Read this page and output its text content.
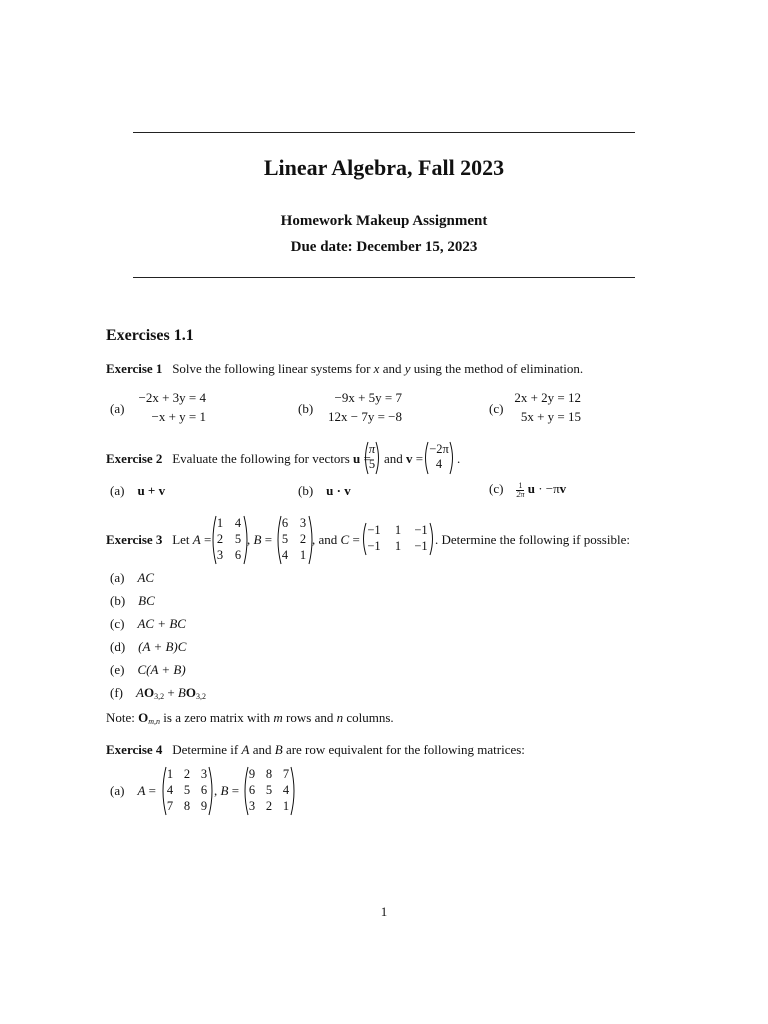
Linear Algebra, Fall 2023
Homework Makeup Assignment
Due date: December 15, 2023
Exercises 1.1
Exercise 1 Solve the following linear systems for x and y using the method of elimination.
(a)
−2x + 3y = 4
−x + y = 1
(b)
−9x + 5y = 7
12x − 7y = −8
(c)
2x + 2y = 12
5x + y = 15
Exercise 2 Evaluate the following for vectors u =
π
5 and v =
−2π
4	.
(a) u + v	(b) u · v	$(c) \frac{1}{2\pi}$ u · −πv
Exercise 3 Let A =
1 4
2 5
3 6
, B =
6 3
5 2
4 1
, and C =
−1	1	−1
−1	1	−1 . Determine the following if possible:
(a) AC
(b) BC
(c) AC + BC
(d) (A + B)C
(e) C(A + B)
(f) AO3,2 + BO3,2
Note: Om,n is a zero matrix with m rows and n columns.
Exercise 4 Determine if A and B are row equivalent for the following matrices:
(a) A =
1 2 3
4 5 6
7 8 9
, B =
9 8 7
6 5 4
3 2 1
1
